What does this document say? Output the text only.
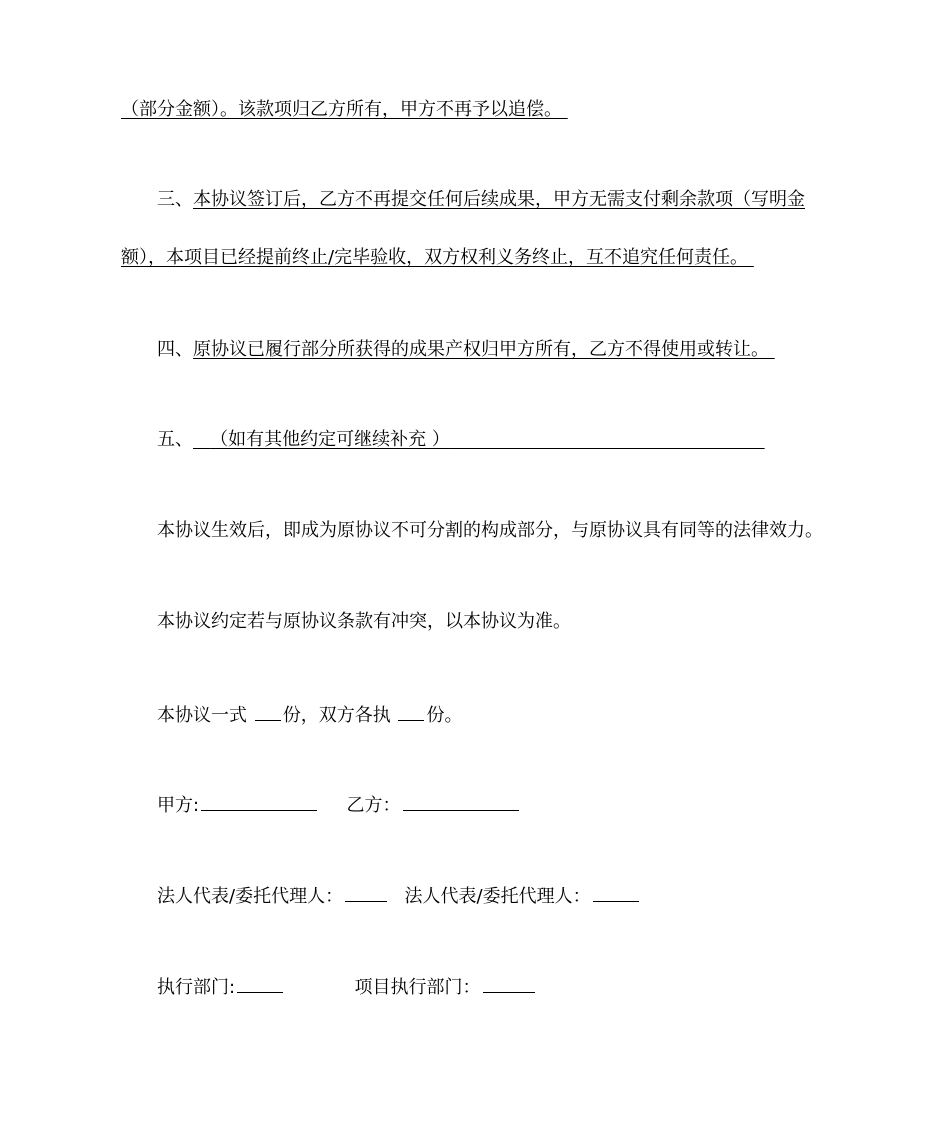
（部分金额）。该款项归乙方所有，甲方不再予以追偿。
三、本协议签订后，乙方不再提交任何后续成果，甲方无需支付剩余款项（写明金
额），本项目已经提前终止/完毕验收，双方权利义务终止，互不追究任何责任。
四、原协议已履行部分所获得的成果产权归甲方所有，乙方不得使用或转让。
五、 （如有其他约定可继续补充 ）
本协议生效后，即成为原协议不可分割的构成部分，与原协议具有同等的法律效力。
本协议约定若与原协议条款有冲突，以本协议为准。
本协议一式 份，双方各执 份。
甲方:	乙方：
法人代表/委托代理人：	法人代表/委托代理人：
执行部门:	项目执行部门：
